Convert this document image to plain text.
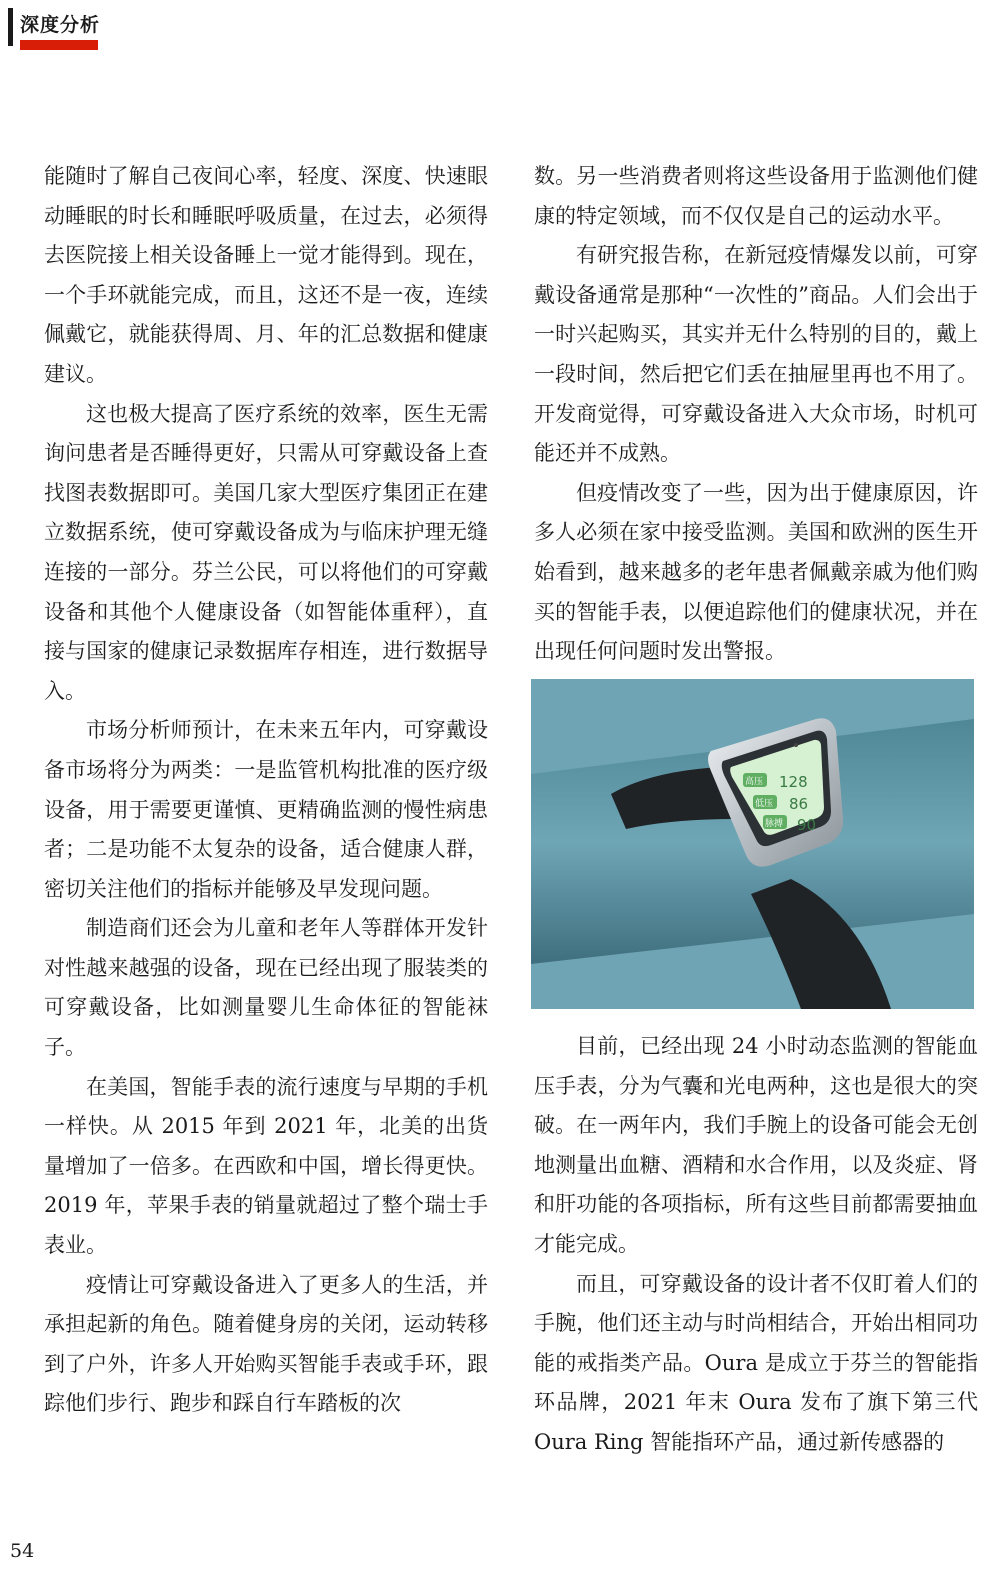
深度分析

能随时了解自己夜间心率，轻度、深度、快速眼动睡眠的时长和睡眠呼吸质量，在过去，必须得去医院接上相关设备睡上一觉才能得到。现在，一个手环就能完成，而且，这还不是一夜，连续佩戴它，就能获得周、月、年的汇总数据和健康建议。

这也极大提高了医疗系统的效率，医生无需询问患者是否睡得更好，只需从可穿戴设备上查找图表数据即可。美国几家大型医疗集团正在建立数据系统，使可穿戴设备成为与临床护理无缝连接的一部分。芬兰公民，可以将他们的可穿戴设备和其他个人健康设备（如智能体重秤），直接与国家的健康记录数据库存相连，进行数据导入。

市场分析师预计，在未来五年内，可穿戴设备市场将分为两类：一是监管机构批准的医疗级设备，用于需要更谨慎、更精确监测的慢性病患者；二是功能不太复杂的设备，适合健康人群，密切关注他们的指标并能够及早发现问题。

制造商们还会为儿童和老年人等群体开发针对性越来越强的设备，现在已经出现了服装类的可穿戴设备，比如测量婴儿生命体征的智能袜子。

在美国，智能手表的流行速度与早期的手机一样快。从 2015 年到 2021 年，北美的出货量增加了一倍多。在西欧和中国，增长得更快。2019 年，苹果手表的销量就超过了整个瑞士手表业。

疫情让可穿戴设备进入了更多人的生活，并承担起新的角色。随着健身房的关闭，运动转移到了户外，许多人开始购买智能手表或手环，跟踪他们步行、跑步和踩自行车踏板的次

数。另一些消费者则将这些设备用于监测他们健康的特定领域，而不仅仅是自己的运动水平。

有研究报告称，在新冠疫情爆发以前，可穿戴设备通常是那种“一次性的”商品。人们会出于一时兴起购买，其实并无什么特别的目的，戴上一段时间，然后把它们丢在抽屉里再也不用了。开发商觉得，可穿戴设备进入大众市场，时机可能还并不成熟。

但疫情改变了一些，因为出于健康原因，许多人必须在家中接受监测。美国和欧洲的医生开始看到，越来越多的老年患者佩戴亲戚为他们购买的智能手表，以便追踪他们的健康状况，并在出现任何问题时发出警报。

高压
低压
脉搏
128
86
90

目前，已经出现 24 小时动态监测的智能血压手表，分为气囊和光电两种，这也是很大的突破。在一两年内，我们手腕上的设备可能会无创地测量出血糖、酒精和水合作用，以及炎症、肾和肝功能的各项指标，所有这些目前都需要抽血才能完成。

而且，可穿戴设备的设计者不仅盯着人们的手腕，他们还主动与时尚相结合，开始出相同功能的戒指类产品。Oura 是成立于芬兰的智能指环品牌，2021 年末 Oura 发布了旗下第三代 Oura Ring 智能指环产品，通过新传感器的

54
